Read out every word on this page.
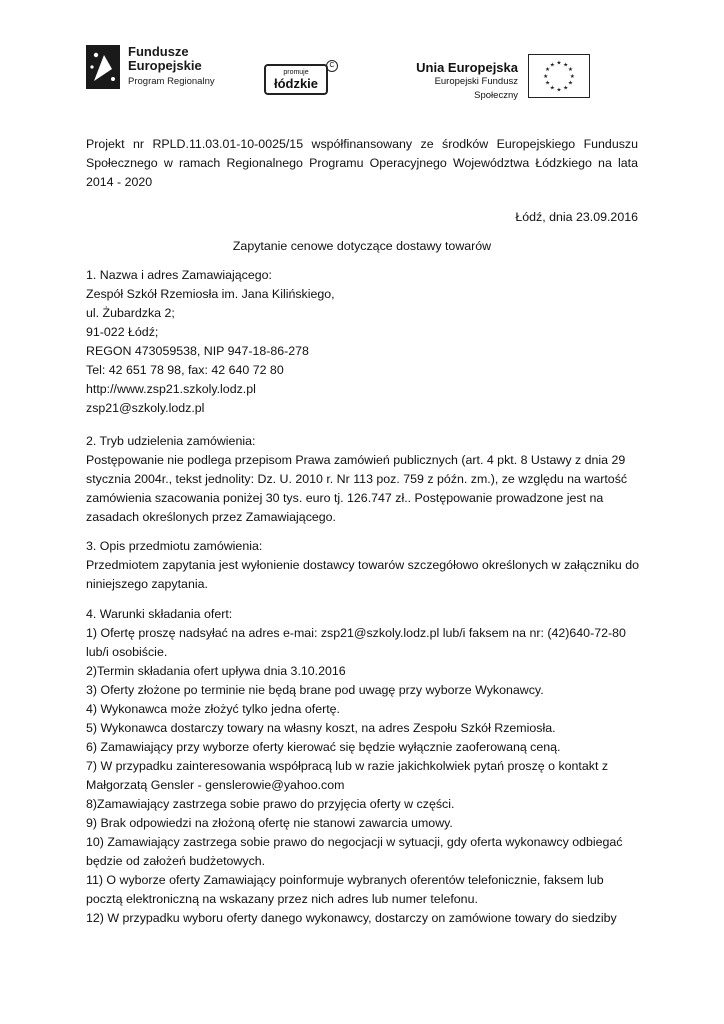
Fundusze
Europejskie
Program Regionalny
promuje
łódzkie
C	Unia Europejska
Europejski Fundusz Społeczny
★ ★
★
★
★
★
★
★
★
★
★
★

Projekt nr RPLD.11.03.01-10-0025/15 współfinansowany ze środków Europejskiego Funduszu Społecznego w ramach Regionalnego Programu Operacyjnego Województwa Łódzkiego na lata 2014 - 2020

Łódź, dnia 23.09.2016
Zapytanie cenowe dotyczące dostawy towarów
1. Nazwa i adres Zamawiającego:
Zespół Szkół Rzemiosła im. Jana Kilińskiego,
ul. Żubardzka 2;
91-022 Łódź;
REGON 473059538, NIP 947-18-86-278
Tel: 42 651 78 98, fax: 42 640 72 80
http://www.zsp21.szkoly.lodz.pl
zsp21@szkoly.lodz.pl
2. Tryb udzielenia zamówienia:
Postępowanie nie podlega przepisom Prawa zamówień publicznych (art. 4 pkt. 8 Ustawy z dnia 29
stycznia 2004r., tekst jednolity: Dz. U. 2010 r. Nr 113 poz. 759 z późn. zm.), ze względu na wartość
zamówienia szacowania poniżej 30 tys. euro tj. 126.747 zł.. Postępowanie prowadzone jest na
zasadach określonych przez Zamawiającego.
3. Opis przedmiotu zamówienia:
Przedmiotem zapytania jest wyłonienie dostawcy towarów szczegółowo określonych w załączniku do
niniejszego zapytania.
4. Warunki składania ofert:
1) Ofertę proszę nadsyłać na adres e-mai: zsp21@szkoly.lodz.pl lub/i faksem na nr: (42)640-72-80
lub/i osobiście.
2)Termin składania ofert upływa dnia 3.10.2016
3) Oferty złożone po terminie nie będą brane pod uwagę przy wyborze Wykonawcy.
4) Wykonawca może złożyć tylko jedna ofertę.
5) Wykonawca dostarczy towary na własny koszt, na adres Zespołu Szkół Rzemiosła.
6) Zamawiający przy wyborze oferty kierować się będzie wyłącznie zaoferowaną ceną.
7) W przypadku zainteresowania współpracą lub w razie jakichkolwiek pytań proszę o kontakt z
Małgorzatą Gensler - genslerowie@yahoo.com
8)Zamawiający zastrzega sobie prawo do przyjęcia oferty w części.
9) Brak odpowiedzi na złożoną ofertę nie stanowi zawarcia umowy.
10) Zamawiający zastrzega sobie prawo do negocjacji w sytuacji, gdy oferta wykonawcy odbiegać
będzie od założeń budżetowych.
11) O wyborze oferty Zamawiający poinformuje wybranych oferentów telefonicznie, faksem lub
pocztą elektroniczną na wskazany przez nich adres lub numer telefonu.
12) W przypadku wyboru oferty danego wykonawcy, dostarczy on zamówione towary do siedziby
